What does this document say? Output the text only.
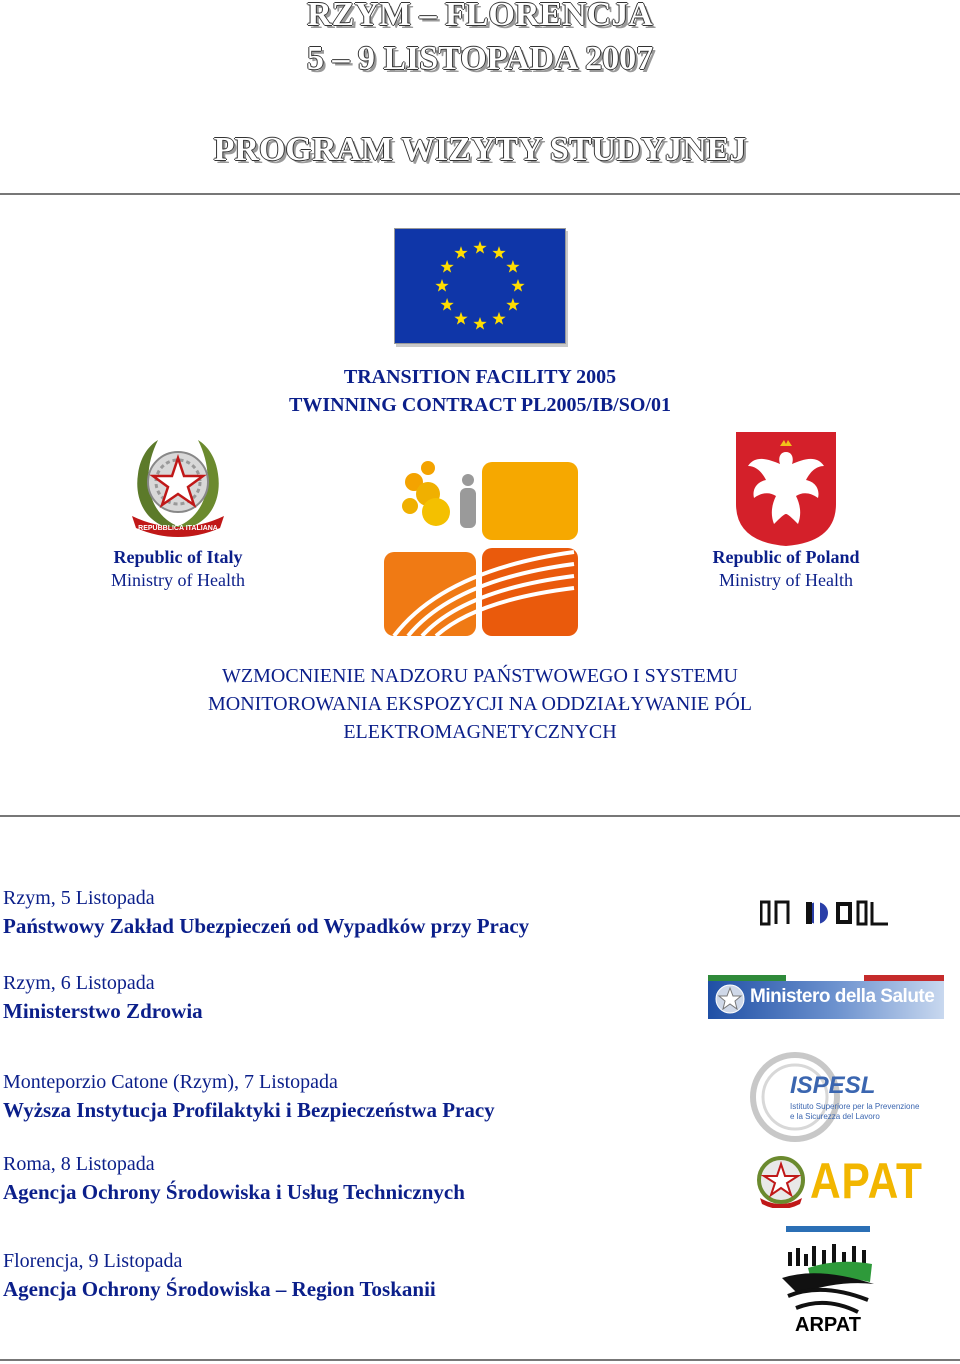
RZYM – FLORENCJA
5 – 9 LISTOPADA 2007
PROGRAM WIZYTY STUDYJNEJ
TRANSITION FACILITY 2005
TWINNING CONTRACT PL2005/IB/SO/01
REPUBBLICA ITALIANA
Republic of Italy
Ministry of Health
Republic of Poland
Ministry of Health
WZMOCNIENIE NADZORU PAŃSTWOWEGO I SYSTEMU
MONITOROWANIA EKSPOZYCJI NA ODDZIAŁYWANIE PÓL
ELEKTROMAGNETYCZNYCH
Rzym, 5 Listopada
Państwowy Zakład Ubezpieczeń od Wypadków przy Pracy
Rzym, 6 Listopada
Ministerstwo Zdrowia
Monteporzio Catone (Rzym), 7 Listopada
Wyższa Instytucja Profilaktyki i Bezpieczeństwa Pracy
Roma, 8 Listopada
Agencja Ochrony Środowiska i Usług Technicznych
Florencja, 9 Listopada
Agencja Ochrony Środowiska – Region Toskanii
Ministero della Salute
ISPESL
Istituto Superiore per la Prevenzione
e la Sicurezza del Lavoro
APAT
ARPAT
